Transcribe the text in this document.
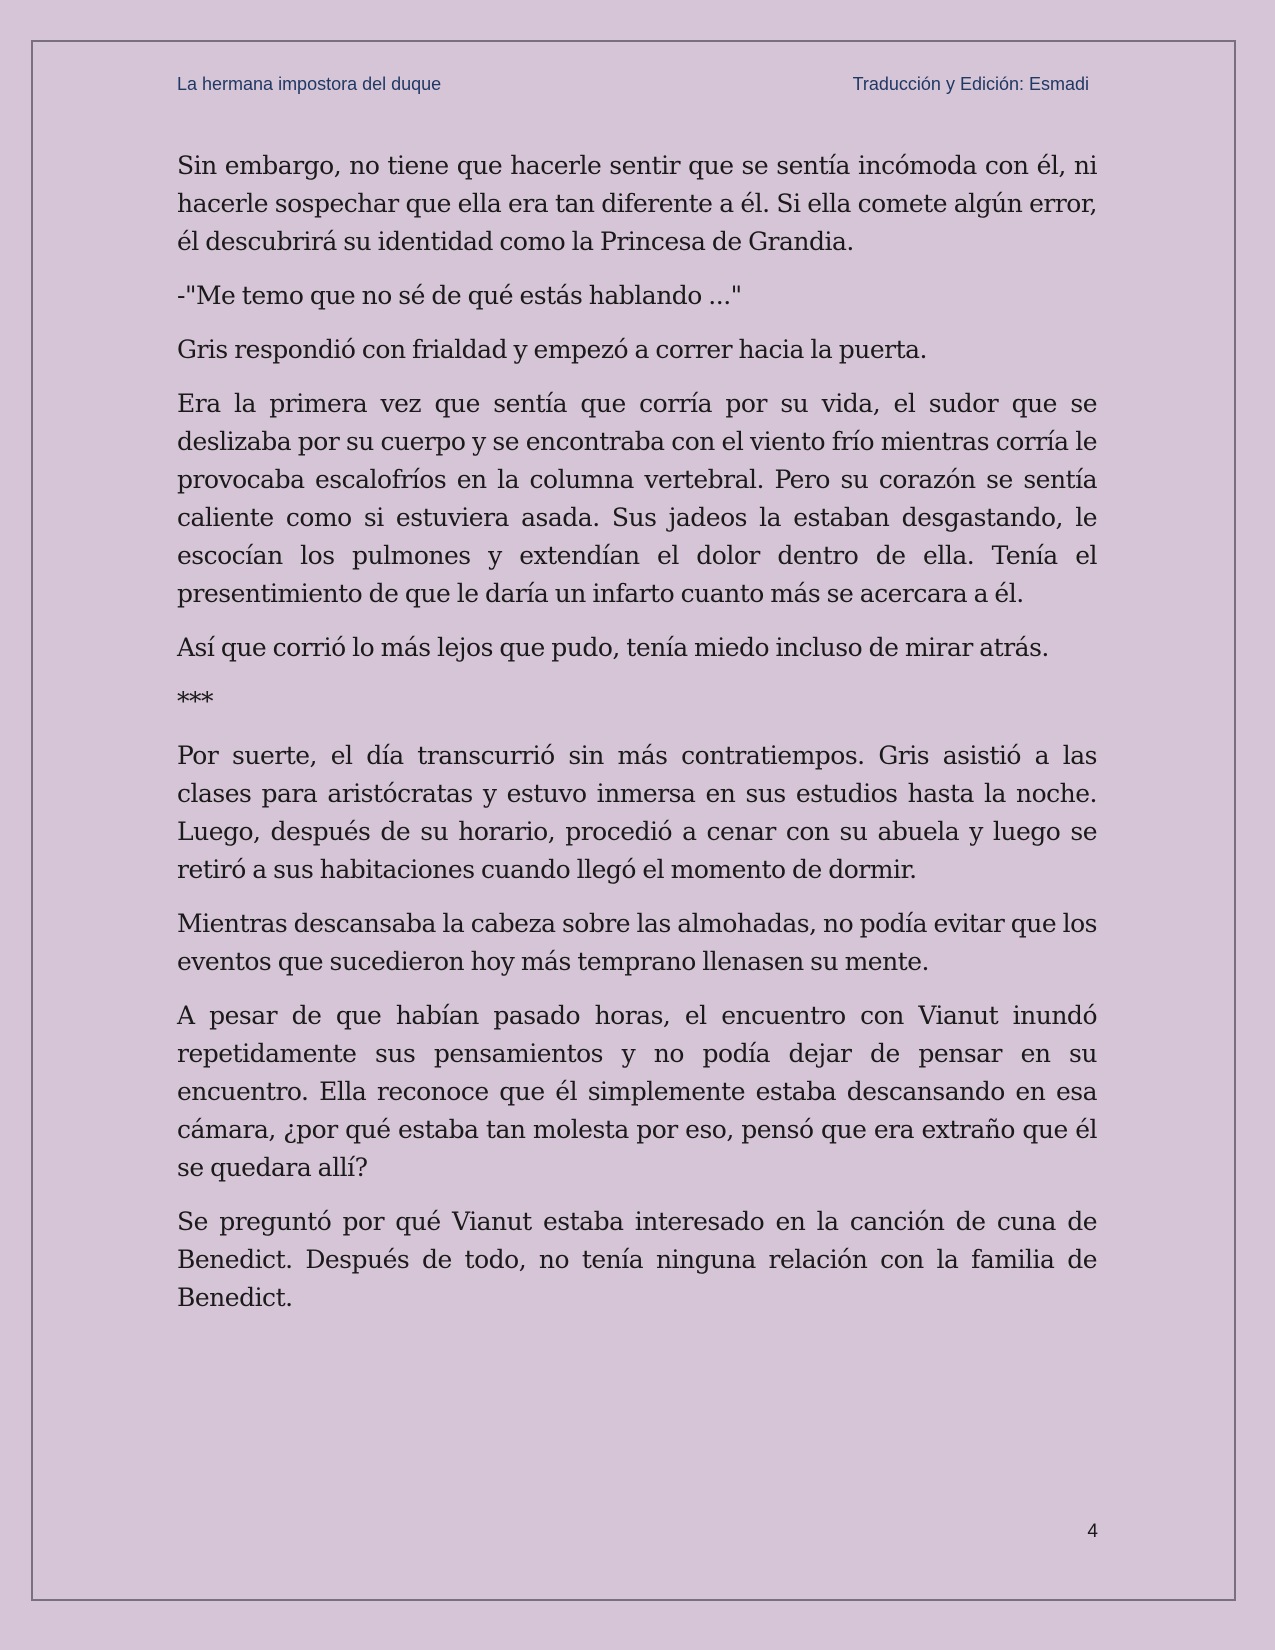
La hermana impostora del duque	Traducción y Edición: Esmadi

Sin embargo, no tiene que hacerle sentir que se sentía incómoda con él, ni hacerle sospechar que ella era tan diferente a él. Si ella comete algún error, él descubrirá su identidad como la Princesa de Grandia.

-"Me temo que no sé de qué estás hablando ..."

Gris respondió con frialdad y empezó a correr hacia la puerta.

Era la primera vez que sentía que corría por su vida, el sudor que se deslizaba por su cuerpo y se encontraba con el viento frío mientras corría le provocaba escalofríos en la columna vertebral. Pero su corazón se sentía caliente como si estuviera asada. Sus jadeos la estaban desgastando, le escocían los pulmones y extendían el dolor dentro de ella. Tenía el presentimiento de que le daría un infarto cuanto más se acercara a él.

Así que corrió lo más lejos que pudo, tenía miedo incluso de mirar atrás.

***

Por suerte, el día transcurrió sin más contratiempos. Gris asistió a las clases para aristócratas y estuvo inmersa en sus estudios hasta la noche. Luego, después de su horario, procedió a cenar con su abuela y luego se retiró a sus habitaciones cuando llegó el momento de dormir.

Mientras descansaba la cabeza sobre las almohadas, no podía evitar que los eventos que sucedieron hoy más temprano llenasen su mente.

A pesar de que habían pasado horas, el encuentro con Vianut inundó repetidamente sus pensamientos y no podía dejar de pensar en su encuentro. Ella reconoce que él simplemente estaba descansando en esa cámara, ¿por qué estaba tan molesta por eso, pensó que era extraño que él se quedara allí?

Se preguntó por qué Vianut estaba interesado en la canción de cuna de Benedict. Después de todo, no tenía ninguna relación con la familia de Benedict.

4
